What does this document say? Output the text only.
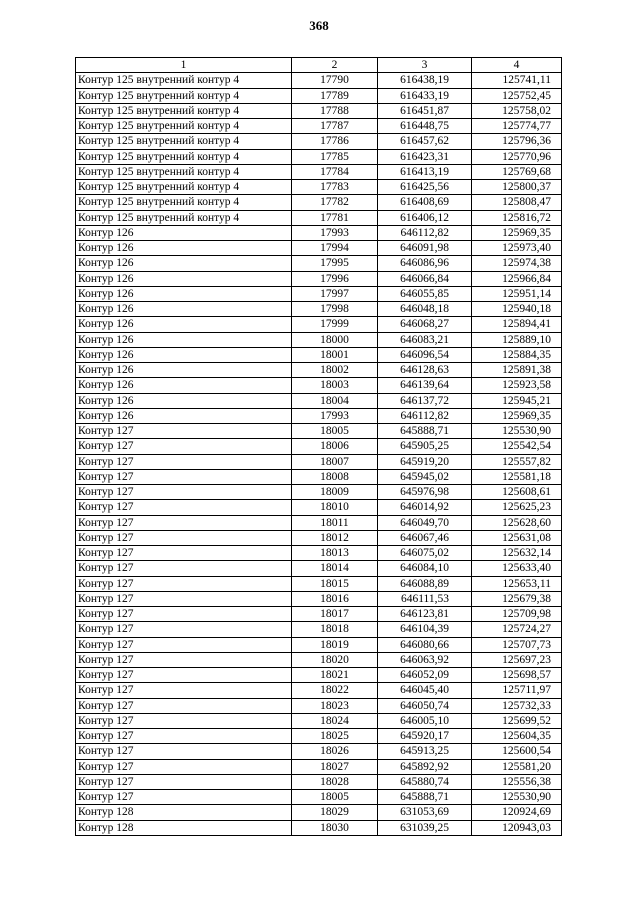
368
1	2	3	4
Контур 125 внутренний контур 4	17790	616438,19	125741,11
Контур 125 внутренний контур 4	17789	616433,19	125752,45
Контур 125 внутренний контур 4	17788	616451,87	125758,02
Контур 125 внутренний контур 4	17787	616448,75	125774,77
Контур 125 внутренний контур 4	17786	616457,62	125796,36
Контур 125 внутренний контур 4	17785	616423,31	125770,96
Контур 125 внутренний контур 4	17784	616413,19	125769,68
Контур 125 внутренний контур 4	17783	616425,56	125800,37
Контур 125 внутренний контур 4	17782	616408,69	125808,47
Контур 125 внутренний контур 4	17781	616406,12	125816,72
Контур 126	17993	646112,82	125969,35
Контур 126	17994	646091,98	125973,40
Контур 126	17995	646086,96	125974,38
Контур 126	17996	646066,84	125966,84
Контур 126	17997	646055,85	125951,14
Контур 126	17998	646048,18	125940,18
Контур 126	17999	646068,27	125894,41
Контур 126	18000	646083,21	125889,10
Контур 126	18001	646096,54	125884,35
Контур 126	18002	646128,63	125891,38
Контур 126	18003	646139,64	125923,58
Контур 126	18004	646137,72	125945,21
Контур 126	17993	646112,82	125969,35
Контур 127	18005	645888,71	125530,90
Контур 127	18006	645905,25	125542,54
Контур 127	18007	645919,20	125557,82
Контур 127	18008	645945,02	125581,18
Контур 127	18009	645976,98	125608,61
Контур 127	18010	646014,92	125625,23
Контур 127	18011	646049,70	125628,60
Контур 127	18012	646067,46	125631,08
Контур 127	18013	646075,02	125632,14
Контур 127	18014	646084,10	125633,40
Контур 127	18015	646088,89	125653,11
Контур 127	18016	646111,53	125679,38
Контур 127	18017	646123,81	125709,98
Контур 127	18018	646104,39	125724,27
Контур 127	18019	646080,66	125707,73
Контур 127	18020	646063,92	125697,23
Контур 127	18021	646052,09	125698,57
Контур 127	18022	646045,40	125711,97
Контур 127	18023	646050,74	125732,33
Контур 127	18024	646005,10	125699,52
Контур 127	18025	645920,17	125604,35
Контур 127	18026	645913,25	125600,54
Контур 127	18027	645892,92	125581,20
Контур 127	18028	645880,74	125556,38
Контур 127	18005	645888,71	125530,90
Контур 128	18029	631053,69	120924,69
Контур 128	18030	631039,25	120943,03
